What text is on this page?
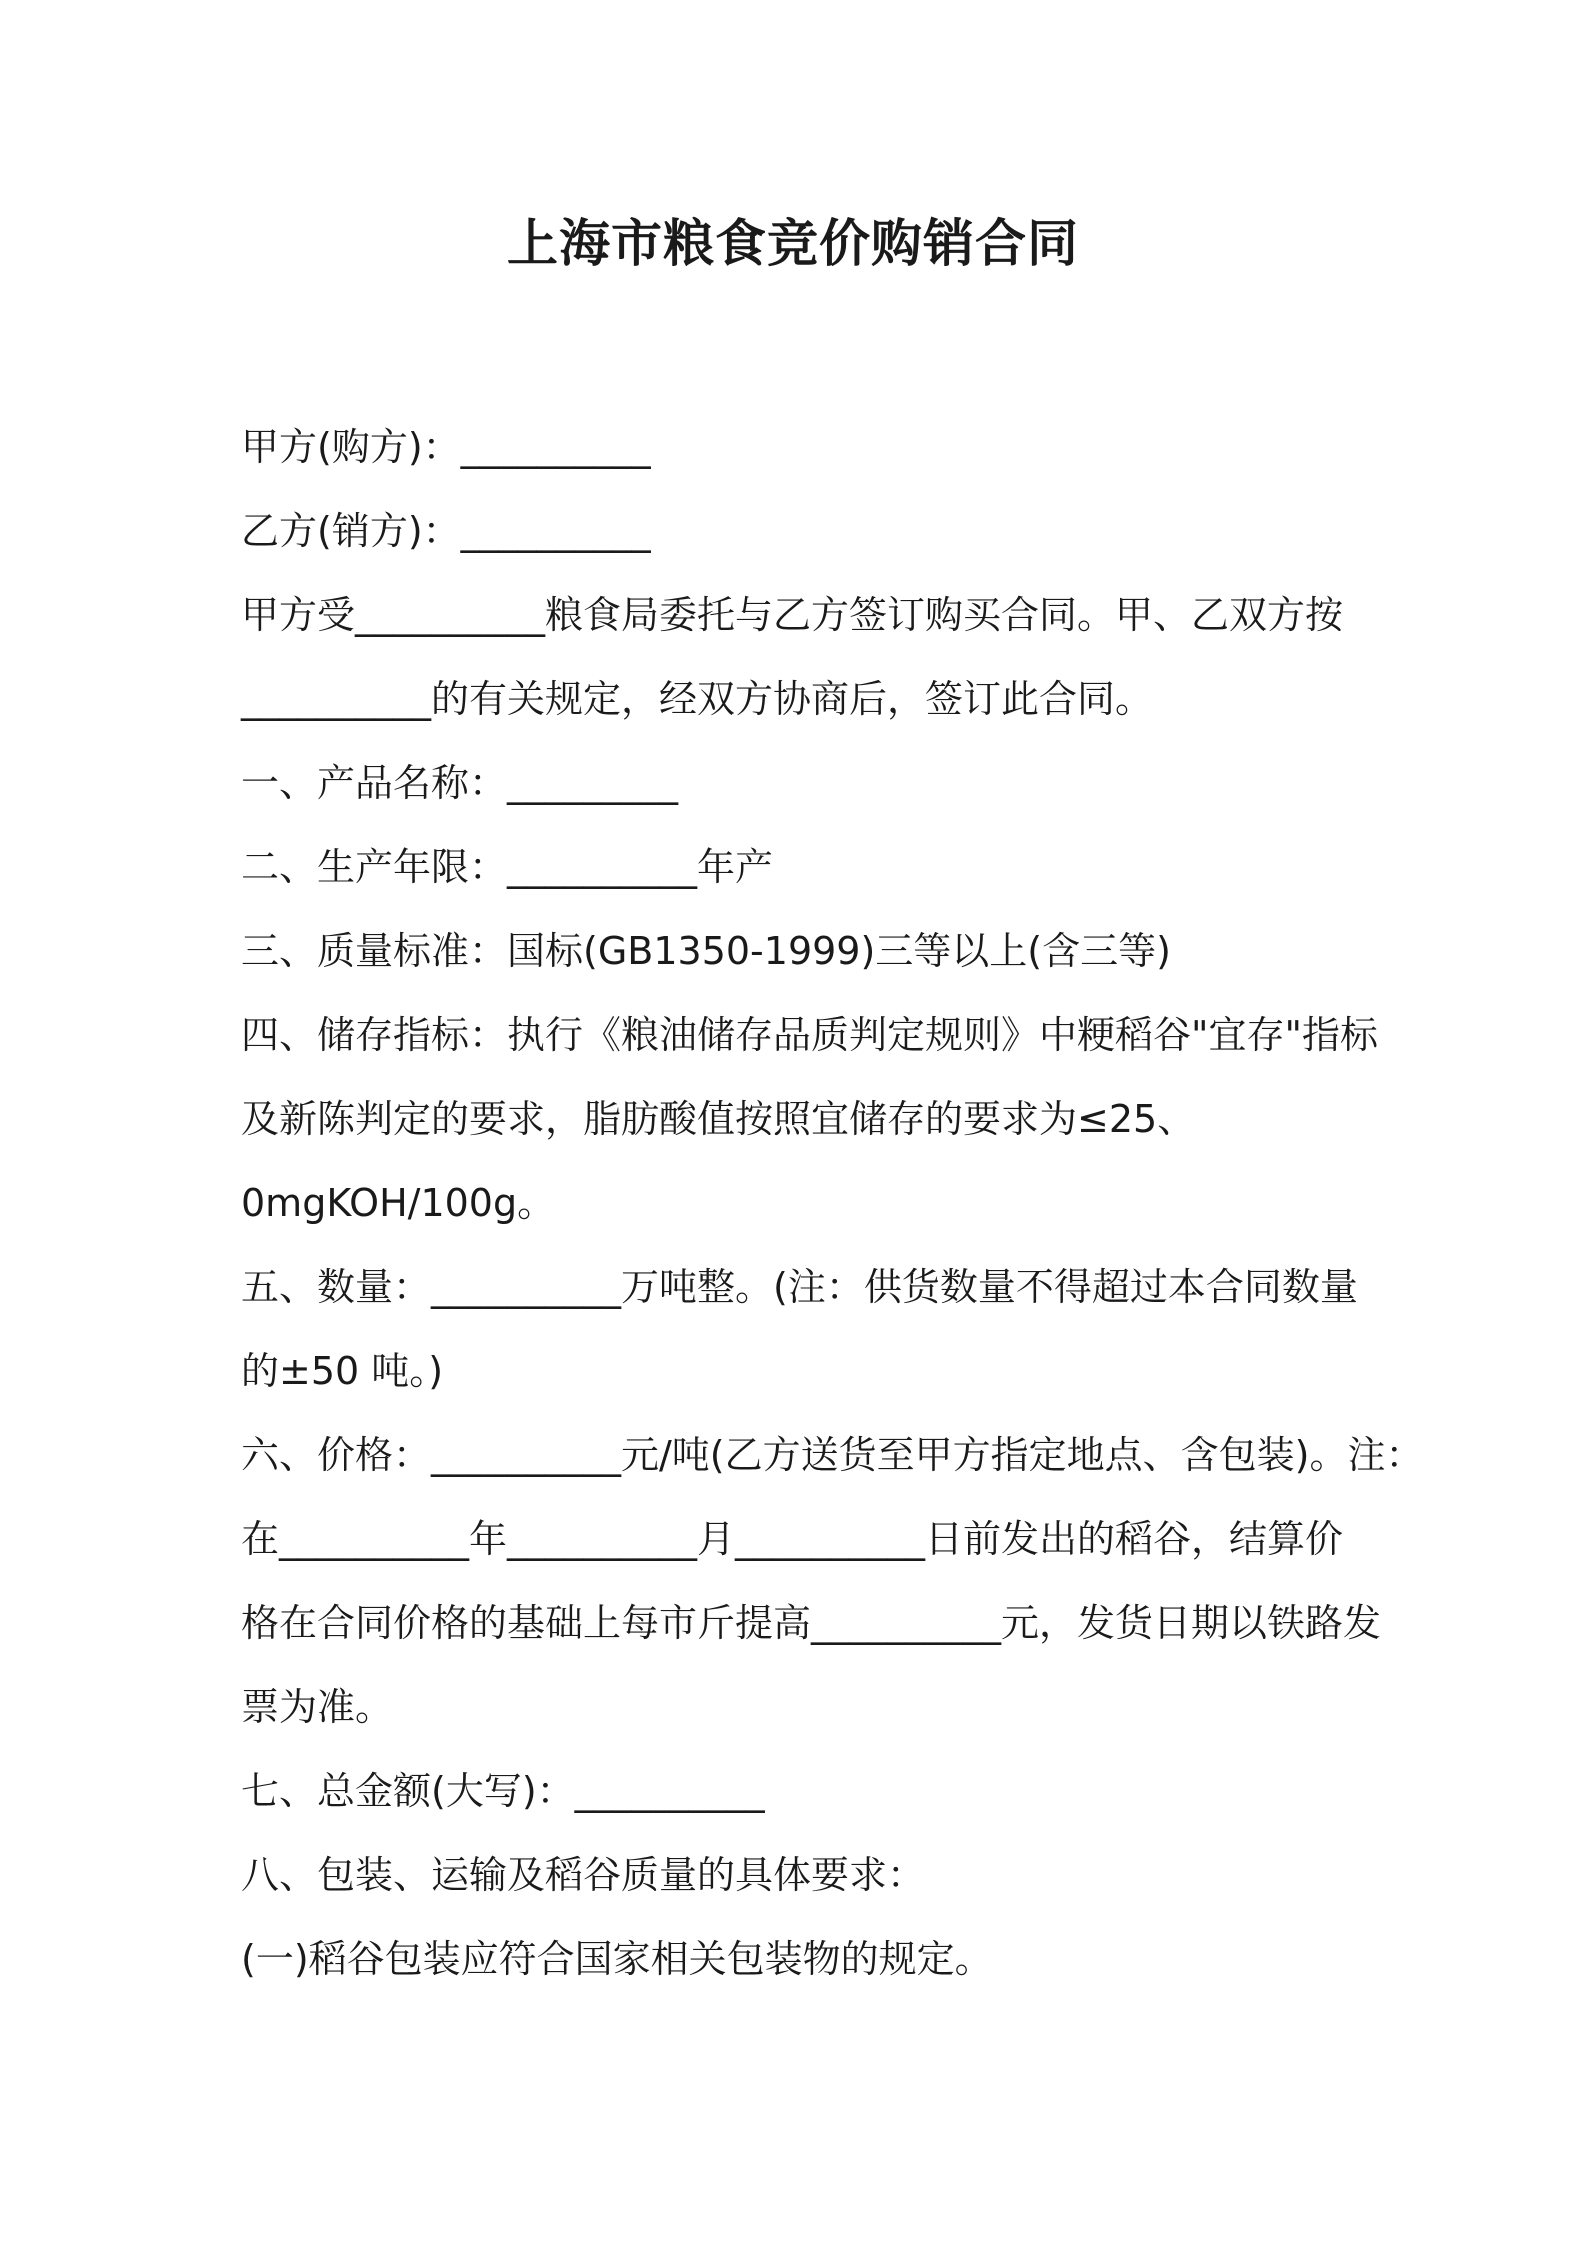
上海市粮食竞价购销合同
甲方(购方)：__________
乙方(销方)：__________
甲方受__________粮食局委托与乙方签订购买合同。甲、乙双方按
__________的有关规定，经双方协商后，签订此合同。
一、产品名称：_________
二、生产年限：__________年产
三、质量标准：国标(GB1350-1999)三等以上(含三等)
四、储存指标：执行《粮油储存品质判定规则》中粳稻谷"宜存"指标
及新陈判定的要求，脂肪酸值按照宜储存的要求为≤25、
0mgKOH/100g。
五、数量：__________万吨整。(注：供货数量不得超过本合同数量
的±50 吨。)
六、价格：__________元/吨(乙方送货至甲方指定地点、含包装)。注：
在__________年__________月__________日前发出的稻谷，结算价
格在合同价格的基础上每市斤提高__________元，发货日期以铁路发
票为准。
七、总金额(大写)：__________
八、包装、运输及稻谷质量的具体要求：
(一)稻谷包装应符合国家相关包装物的规定。
